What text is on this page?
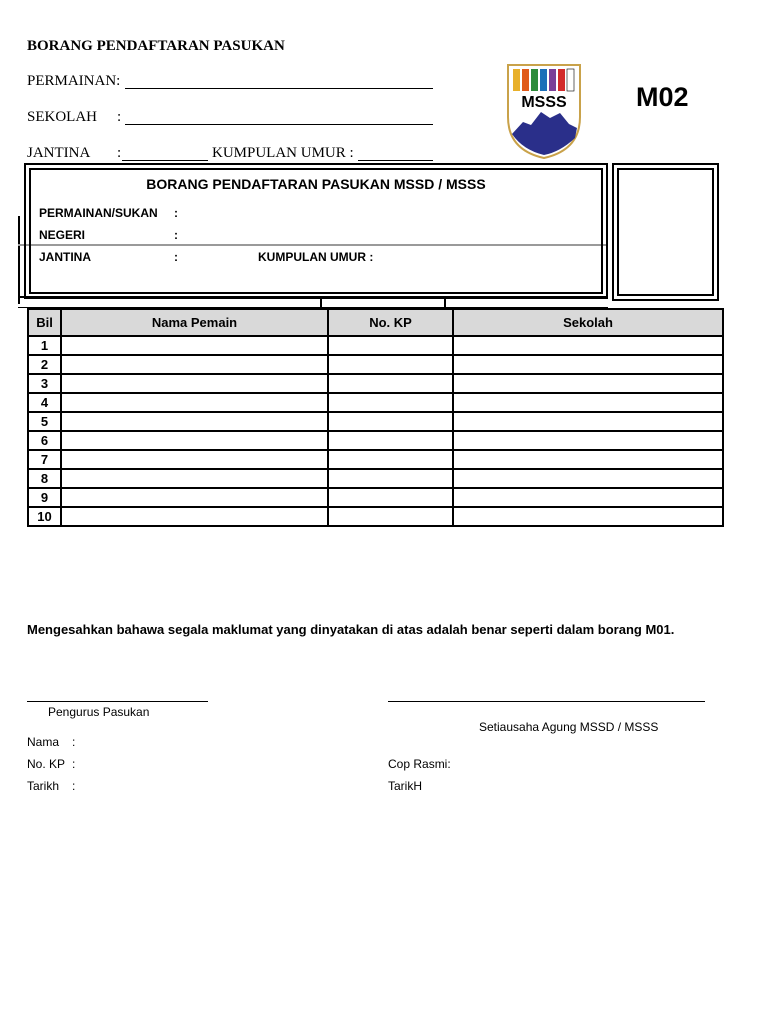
BORANG PENDAFTARAN PASUKAN
PERMAINAN:
SEKOLAH :
JANTINA :	KUMPULAN UMUR :
MSSS	M02
BORANG PENDAFTARAN PASUKAN MSSD / MSSS
PERMAINAN/SUKAN :
NEGERI	:
JANTINA	:	KUMPULAN UMUR :
Bil	Nama Pemain	No. KP	Sekolah
1			
2			
3			
4			
5			
6			
7			
8			
9			
10			
Mengesahkan bahawa segala maklumat yang dinyatakan di atas adalah benar seperti dalam borang M01.
Pengurus Pasukan
Setiausaha Agung MSSD / MSSS
Nama :
No. KP :
Tarikh :
Cop Rasmi:
TarikH
